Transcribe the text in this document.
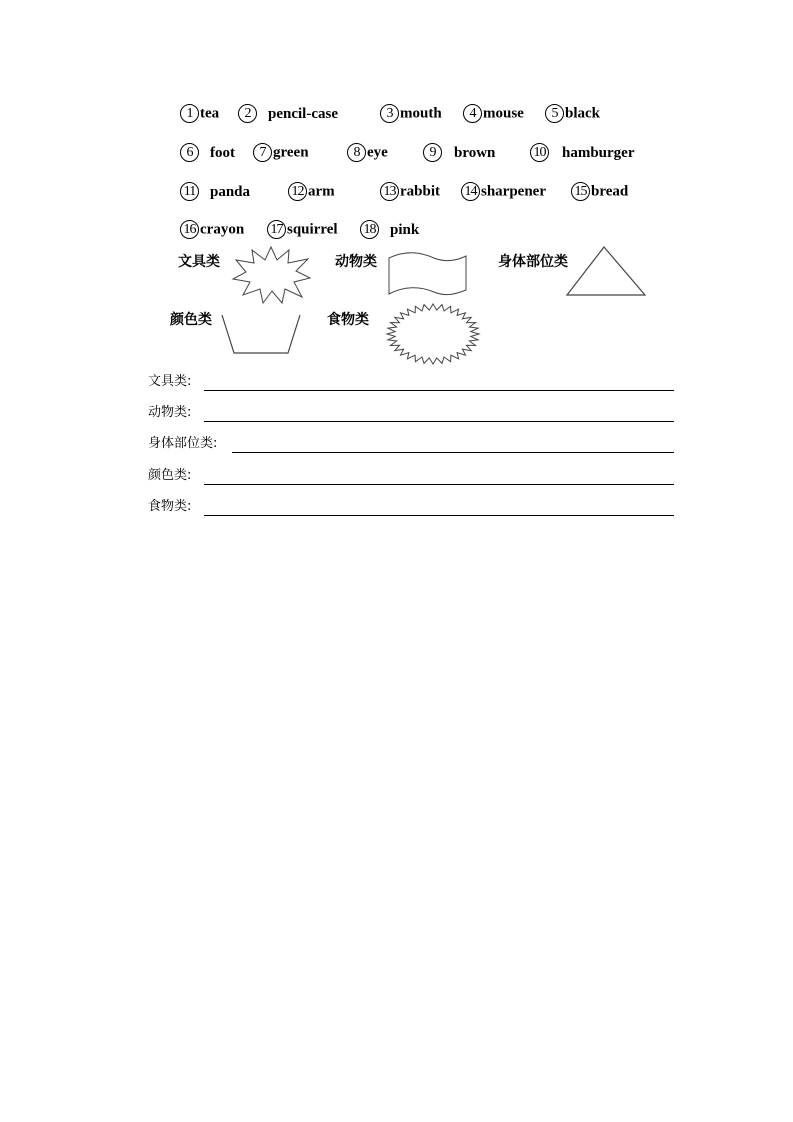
1 tea	2 pencil-case	3 mouth	4 mouse	5 black
6 foot	7 green	8 eye	9 brown	10 hamburger
11 panda	12 arm	13 rabbit 14 sharpener 15 bread
16 crayon 17 squirrel 18 pink
文具类	动物类	身体部位类
颜色类	食物类
文具类:
动物类:
身体部位类:
颜色类:
食物类:
